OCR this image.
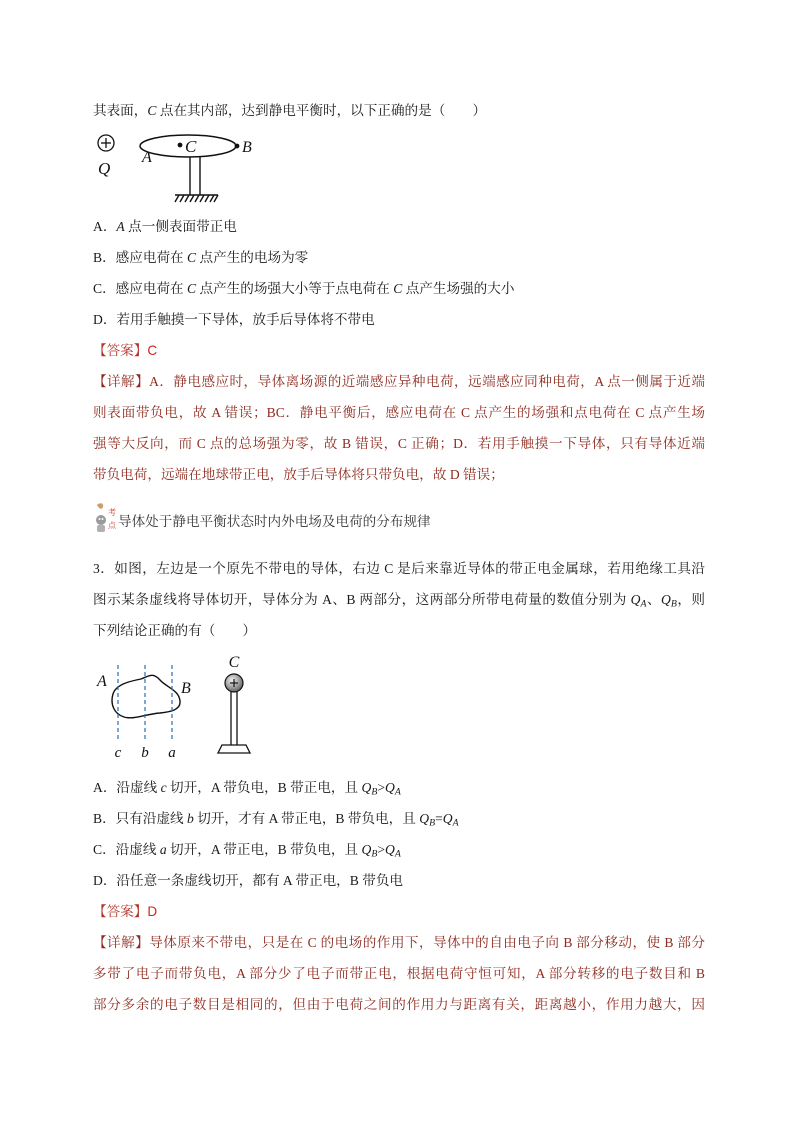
其表面，C 点在其内部，达到静电平衡时，以下正确的是（　　）
Q
A
C	B
A．A 点一侧表面带正电
B．感应电荷在 C 点产生的电场为零
C．感应电荷在 C 点产生的场强大小等于点电荷在 C 点产生场强的大小
D．若用手触摸一下导体，放手后导体将不带电
【答案】C
【详解】A．静电感应时，导体离场源的近端感应异种电荷，远端感应同种电荷，A 点一侧属于近端
则表面带负电，故 A 错误；BC．静电平衡后，感应电荷在 C 点产生的场强和点电荷在 C 点产生场
强等大反向，而 C 点的总场强为零，故 B 错误，C 正确；D．若用手触摸一下导体，只有导体近端
带负电荷，远端在地球带正电，放手后导体将只带负电，故 D 错误；
考
点 导体处于静电平衡状态时内外电场及电荷的分布规律
3．如图，左边是一个原先不带电的导体，右边 C 是后来靠近导体的带正电金属球，若用绝缘工具沿
图示某条虚线将导体切开，导体分为 A、B 两部分，这两部分所带电荷量的数值分别为 $Q_A$、$Q_B$，则
下列结论正确的有（　　）
A
c b a
B
C
A．沿虚线 c 切开，A 带负电，B 带正电，且 $Q_B>Q_A$
B．只有沿虚线 b 切开，才有 A 带正电，B 带负电，且 $Q_B=Q_A$
C．沿虚线 a 切开，A 带正电，B 带负电，且 $Q_B>Q_A$
D．沿任意一条虚线切开，都有 A 带正电，B 带负电
【答案】D
【详解】导体原来不带电，只是在 C 的电场的作用下，导体中的自由电子向 B 部分移动，使 B 部分
多带了电子而带负电，A 部分少了电子而带正电，根据电荷守恒可知，A 部分转移的电子数目和 B
部分多余的电子数目是相同的，但由于电荷之间的作用力与距离有关，距离越小，作用力越大，因
